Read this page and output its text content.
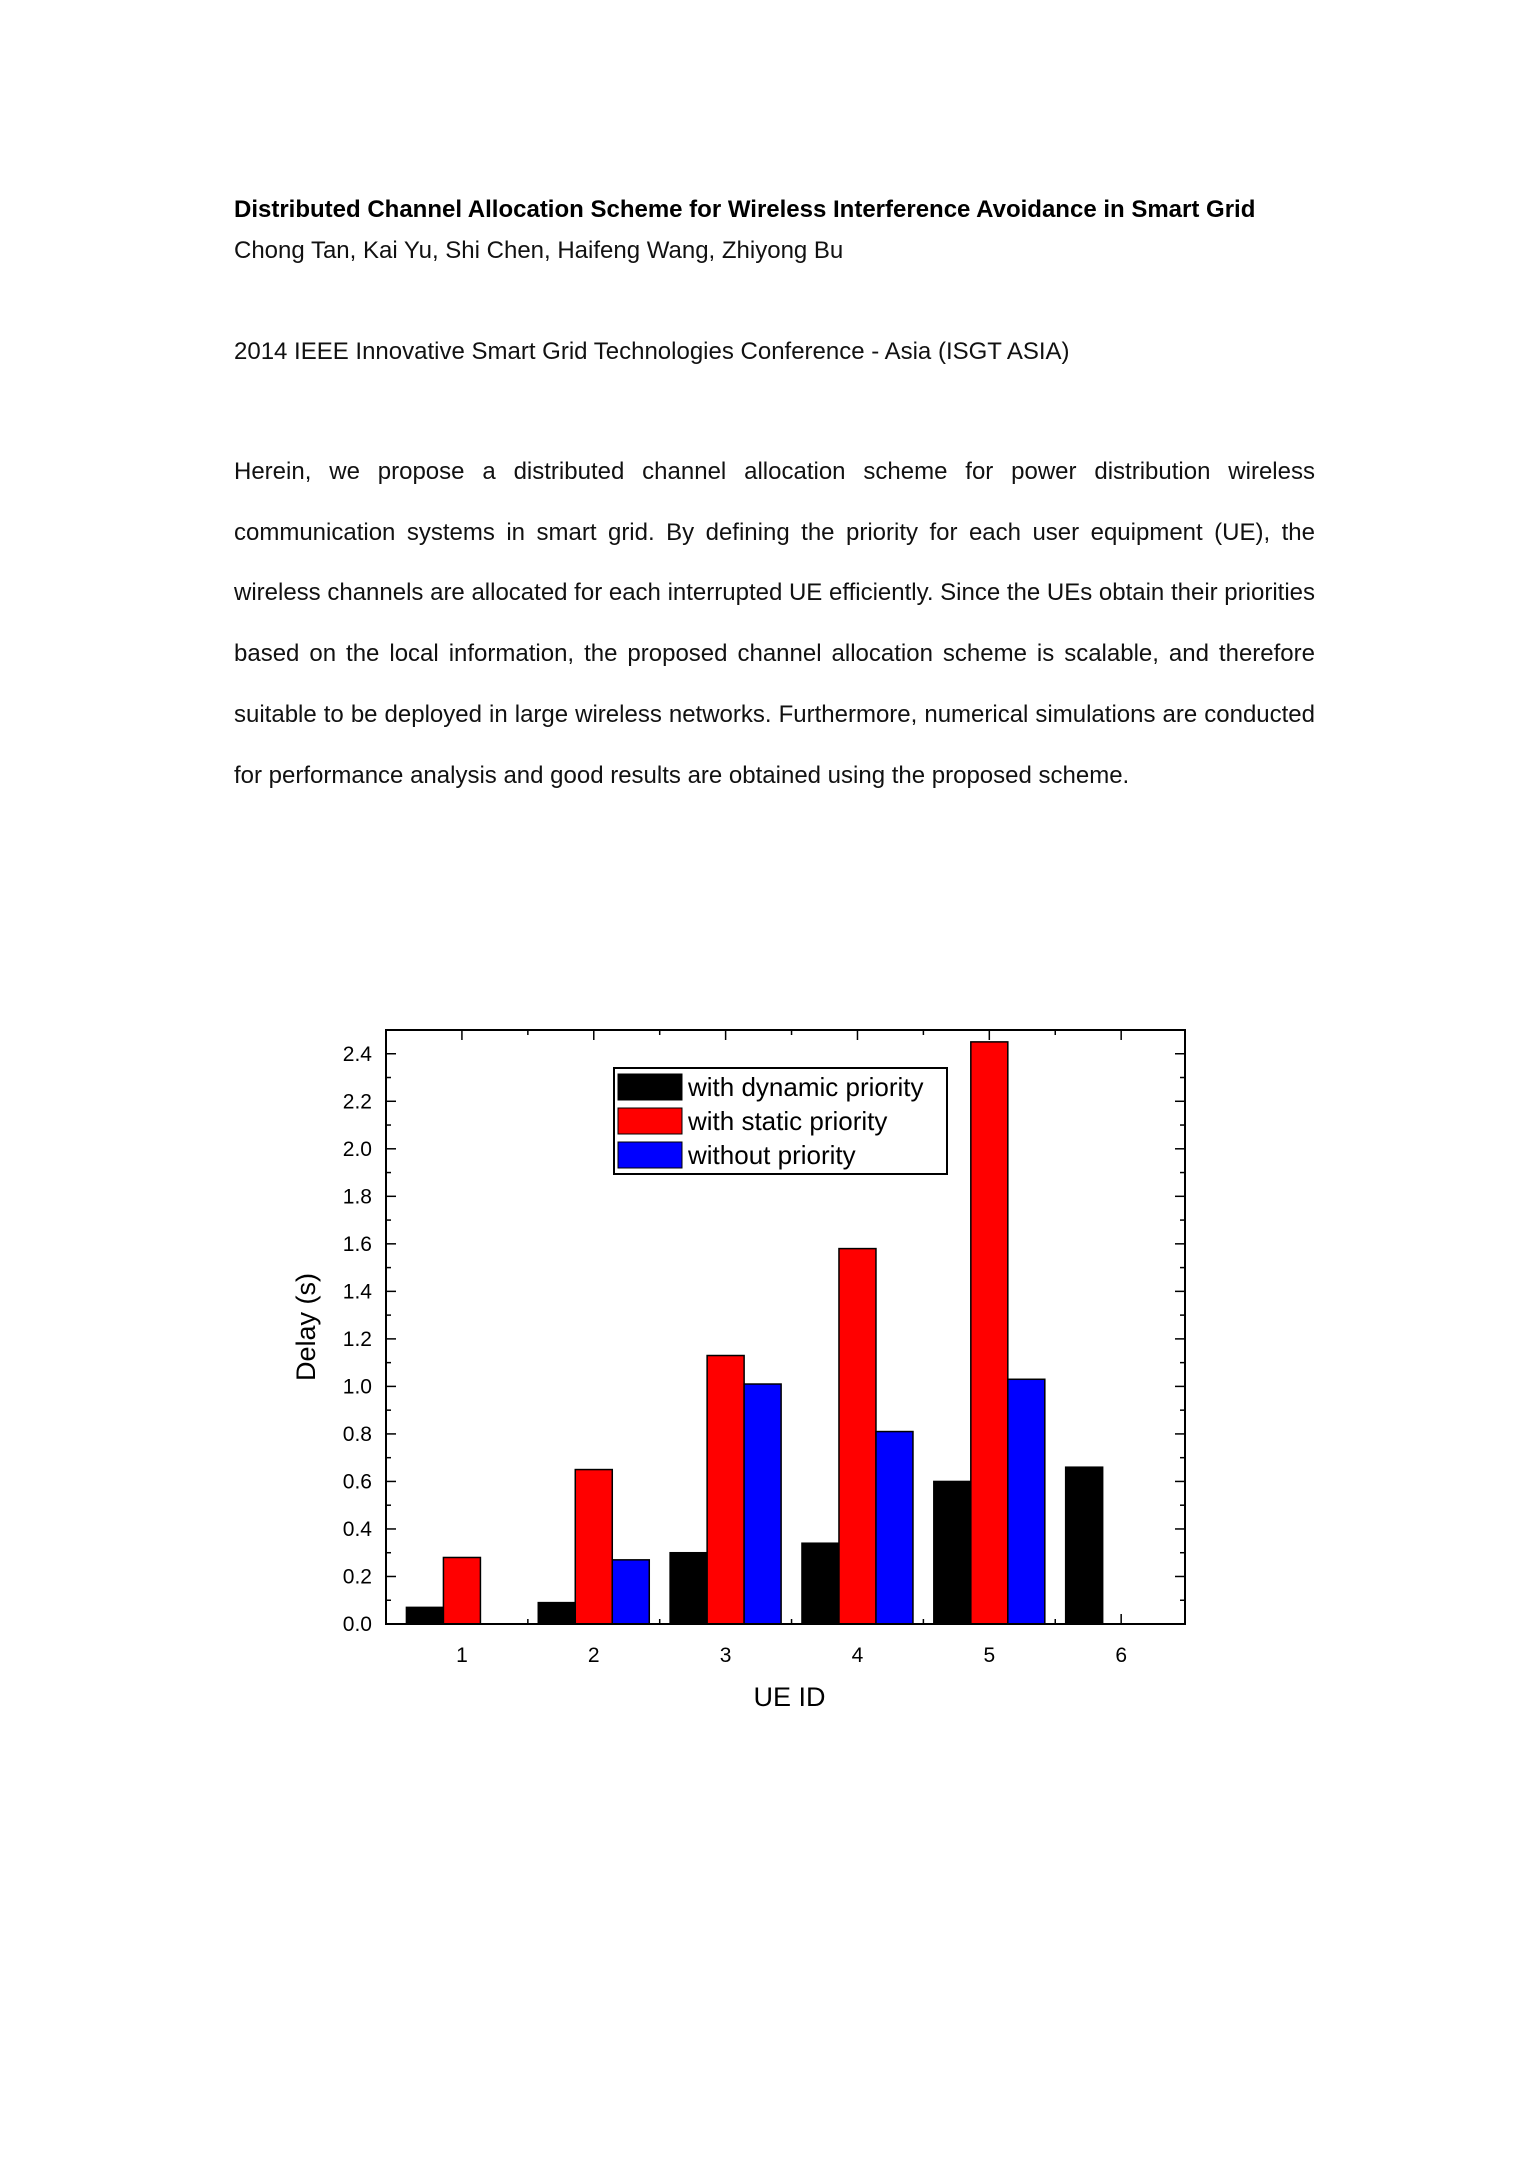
Distributed Channel Allocation Scheme for Wireless Interference Avoidance in Smart Grid

Chong Tan, Kai Yu, Shi Chen, Haifeng Wang, Zhiyong Bu

2014 IEEE Innovative Smart Grid Technologies Conference - Asia (ISGT ASIA)

Herein, we propose a distributed channel allocation scheme for power distribution wireless communication systems in smart grid. By defining the priority for each user equipment (UE), the wireless channels are allocated for each interrupted UE efficiently. Since the UEs obtain their priorities based on the local information, the proposed channel allocation scheme is scalable, and therefore suitable to be deployed in large wireless networks. Furthermore, numerical simulations are conducted for performance analysis and good results are obtained using the proposed scheme.

0.0
0.2
0.4
0.6
0.8
1.0
1.2
1.4
1.6
1.8
2.0
2.2
2.4
1	2	3	4	5	6
Delay (s)
UE ID
with dynamic priority
with static priority
without priority
